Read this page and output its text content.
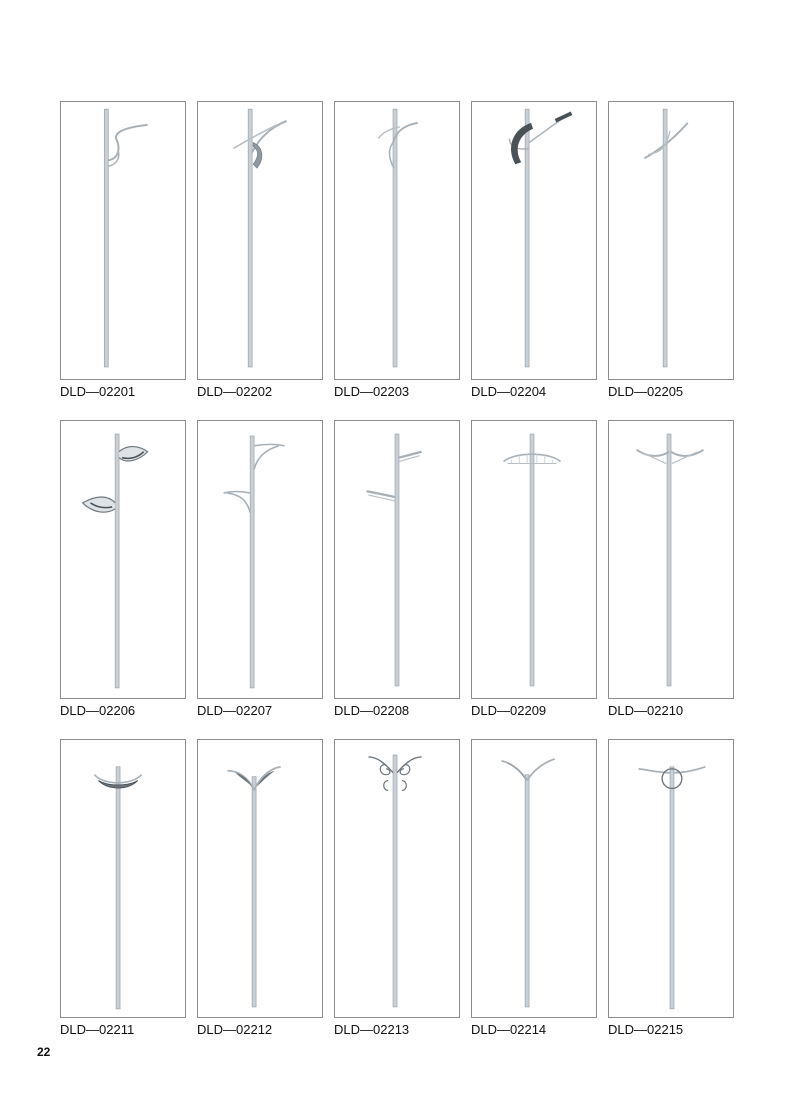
DLD—02201	DLD—02202	DLD—02203	DLD—02204	DLD—02205
DLD—02206	DLD—02207	DLD—02208	DLD—02209	DLD—02210
DLD—02211	DLD—02212	DLD—02213	DLD—02214	DLD—02215
22
